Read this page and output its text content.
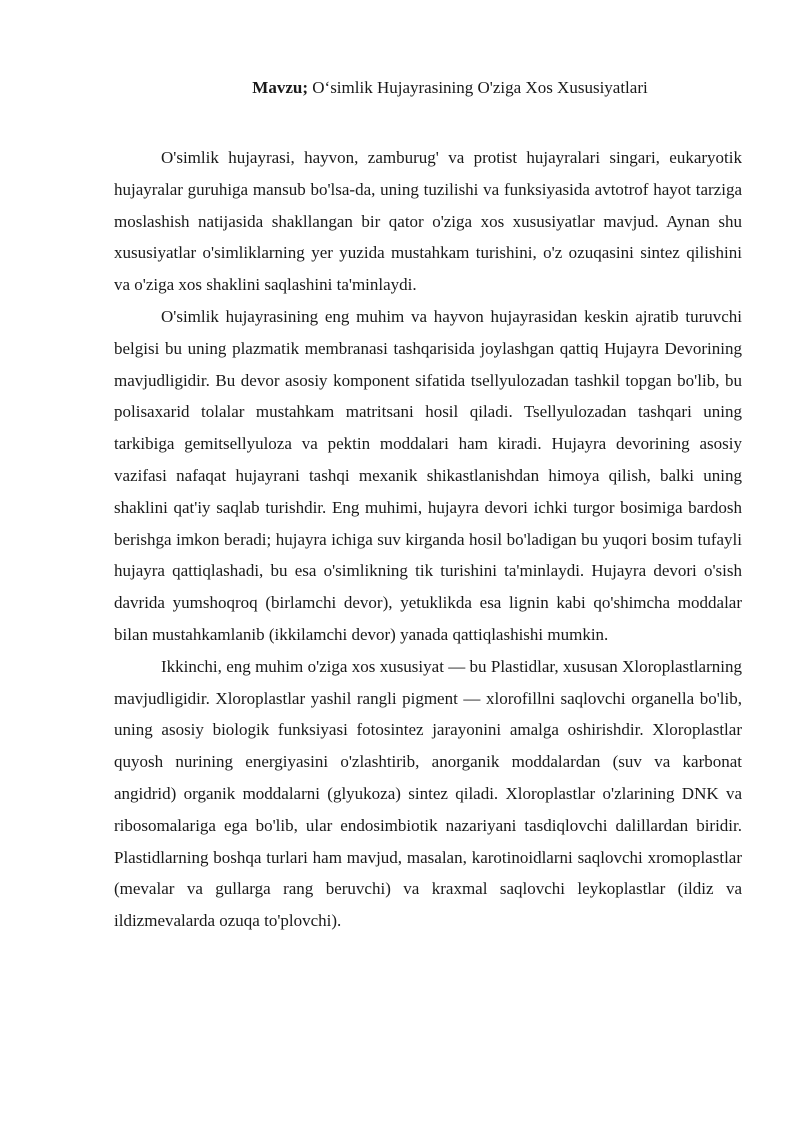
Mavzu; O‘simlik Hujayrasining O'ziga Xos Xususiyatlari

O'simlik hujayrasi, hayvon, zamburug' va protist hujayralari singari, eukaryotik hujayralar guruhiga mansub bo'lsa-da, uning tuzilishi va funksiyasida avtotrof hayot tarziga moslashish natijasida shakllangan bir qator o'ziga xos xususiyatlar mavjud. Aynan shu xususiyatlar o'simliklarning yer yuzida mustahkam turishini, o'z ozuqasini sintez qilishini va o'ziga xos shaklini saqlashini ta'minlaydi.

O'simlik hujayrasining eng muhim va hayvon hujayrasidan keskin ajratib turuvchi belgisi bu uning plazmatik membranasi tashqarisida joylashgan qattiq Hujayra Devorining mavjudligidir. Bu devor asosiy komponent sifatida tsellyulozadan tashkil topgan bo'lib, bu polisaxarid tolalar mustahkam matritsani hosil qiladi. Tsellyulozadan tashqari uning tarkibiga gemitsellyuloza va pektin moddalari ham kiradi. Hujayra devorining asosiy vazifasi nafaqat hujayrani tashqi mexanik shikastlanishdan himoya qilish, balki uning shaklini qat'iy saqlab turishdir. Eng muhimi, hujayra devori ichki turgor bosimiga bardosh berishga imkon beradi; hujayra ichiga suv kirganda hosil bo'ladigan bu yuqori bosim tufayli hujayra qattiqlashadi, bu esa o'simlikning tik turishini ta'minlaydi. Hujayra devori o'sish davrida yumshoqroq (birlamchi devor), yetuklikda esa lignin kabi qo'shimcha moddalar bilan mustahkamlanib (ikkilamchi devor) yanada qattiqlashishi mumkin.

Ikkinchi, eng muhim o'ziga xos xususiyat — bu Plastidlar, xususan Xloroplastlarning mavjudligidir. Xloroplastlar yashil rangli pigment — xlorofillni saqlovchi organella bo'lib, uning asosiy biologik funksiyasi fotosintez jarayonini amalga oshirishdir. Xloroplastlar quyosh nurining energiyasini o'zlashtirib, anorganik moddalardan (suv va karbonat angidrid) organik moddalarni (glyukoza) sintez qiladi. Xloroplastlar o'zlarining DNK va ribosomalariga ega bo'lib, ular endosimbiotik nazariyani tasdiqlovchi dalillardan biridir. Plastidlarning boshqa turlari ham mavjud, masalan, karotinoidlarni saqlovchi xromoplastlar (mevalar va gullarga rang beruvchi) va kraxmal saqlovchi leykoplastlar (ildiz va ildizmevalarda ozuqa to'plovchi).
